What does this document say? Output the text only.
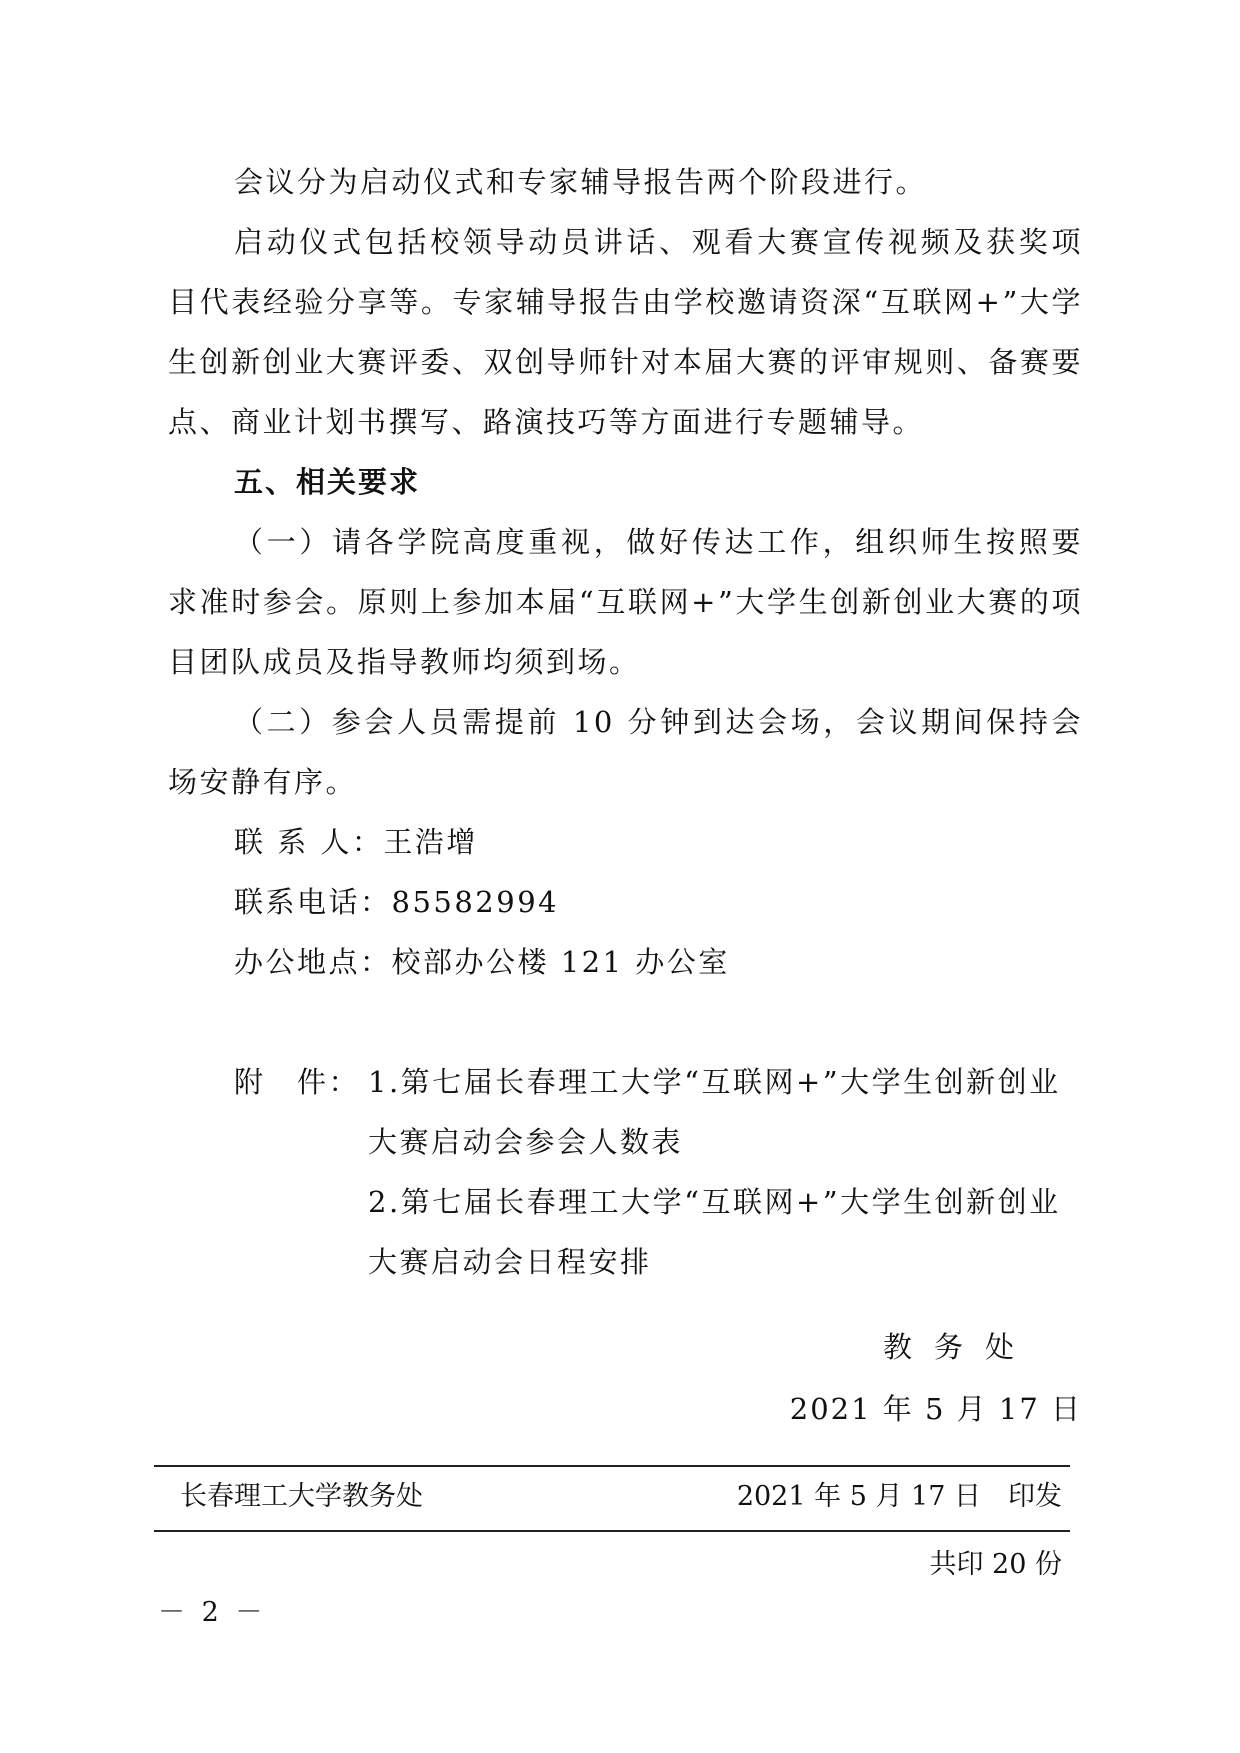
会议分为启动仪式和专家辅导报告两个阶段进行。

启动仪式包括校领导动员讲话、观看大赛宣传视频及获奖项目代表经验分享等。专家辅导报告由学校邀请资深“互联网+”大学生创新创业大赛评委、双创导师针对本届大赛的评审规则、备赛要点、商业计划书撰写、路演技巧等方面进行专题辅导。

五、相关要求

（一）请各学院高度重视，做好传达工作，组织师生按照要求准时参会。原则上参加本届“互联网+”大学生创新创业大赛的项目团队成员及指导教师均须到场。

（二）参会人员需提前 10 分钟到达会场，会议期间保持会场安静有序。

联 系 人：王浩增
联系电话：85582994
办公地点：校部办公楼 121 办公室
附　件： 1.第七届长春理工大学“互联网+”大学生创新创业大赛启动会参会人数表
2.第七届长春理工大学“互联网+”大学生创新创业大赛启动会日程安排
教务处
2021 年 5 月 17 日
长春理工大学教务处	2021 年 5 月 17 日　印发
共印 20 份
－ 2 －
